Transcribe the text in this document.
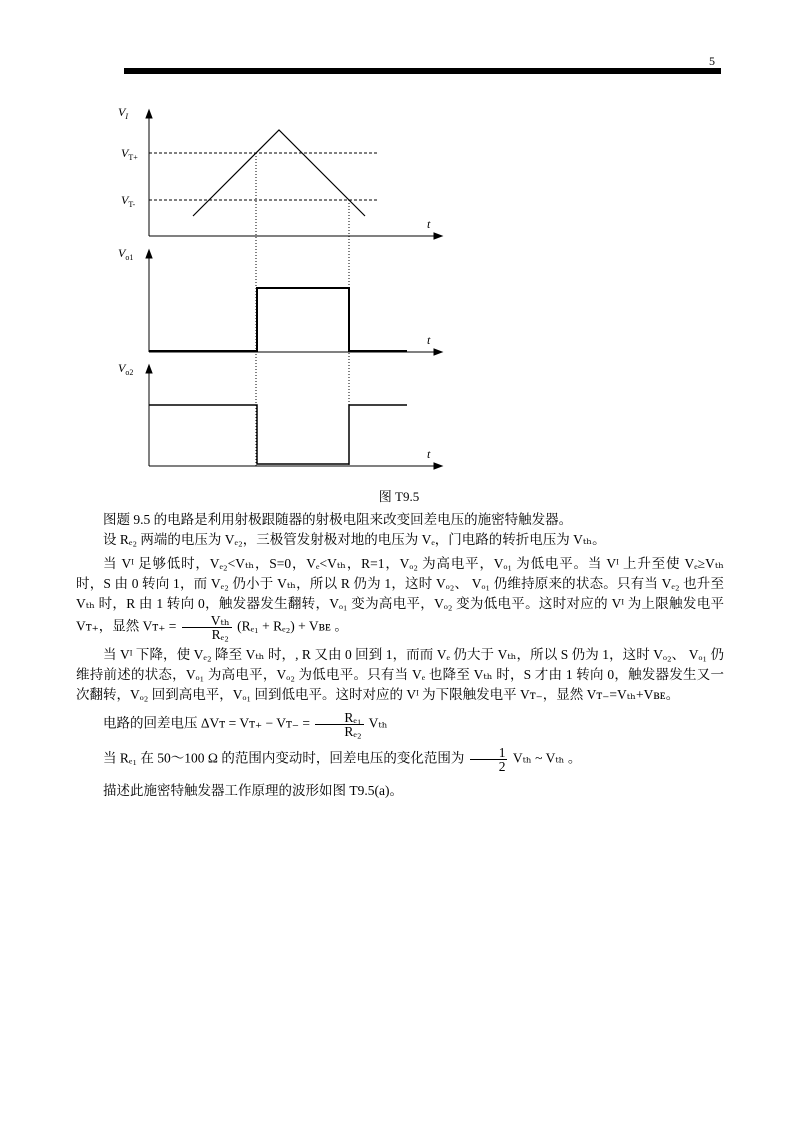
5
$V_I$
$V_{T+}$
$V_{T-}$
t
$V_{o1}$
t
$V_{o2}$
t
图 T9.5

图题 9.5 的电路是利用射极跟随器的射极电阻来改变回差电压的施密特触发器。

设 Rₑ₂ 两端的电压为 Vₑ₂，三极管发射极对地的电压为 Vₑ，门电路的转折电压为 Vₜₕ。

当 Vᴵ 足够低时，Vₑ₂<Vₜₕ，S=0，Vₑ<Vₜₕ，R=1，Vₒ₂ 为高电平，Vₒ₁ 为低电平。当 Vᴵ 上升至使 Vₑ≥Vₜₕ 时，S 由 0 转向 1，而 Vₑ₂ 仍小于 Vₜₕ，所以 R 仍为 1，这时 Vₒ₂、 Vₒ₁ 仍维持原来的状态。只有当 Vₑ₂ 也升至 Vₜₕ 时，R 由 1 转向 0，触发器发生翻转，Vₒ₁ 变为高电平，Vₒ₂ 变为低电平。这时对应的 Vᴵ 为上限触发电平 Vᴛ₊，显然 Vᴛ₊ =	Vₜₕ
Rₑ₂
(Rₑ₁ + Rₑ₂) + Vʙᴇ 。

当 Vᴵ 下降，使 Vₑ₂ 降至 Vₜₕ 时，, R 又由 0 回到 1，而而 Vₑ 仍大于 Vₜₕ，所以 S 仍为 1，这时 Vₒ₂、 Vₒ₁ 仍维持前述的状态，Vₒ₁ 为高电平，Vₒ₂ 为低电平。只有当 Vₑ 也降至 Vₜₕ 时，S 才由 1 转向 0，触发器发生又一次翻转，Vₒ₂ 回到高电平，Vₒ₁ 回到低电平。这时对应的 Vᴵ 为下限触发电平 Vᴛ₋，显然 Vᴛ₋=Vₜₕ+Vʙᴇ。

电路的回差电压 ΔVᴛ = Vᴛ₊ − Vᴛ₋ = $\frac{\text{Rₑ₁}}{\text{Rₑ₂}}$ Vₜₕ

当 Rₑ₁ 在 50～100 Ω 的范围内变动时，回差电压的变化范围为 $\frac{1}{2}$ Vₜₕ ~ Vₜₕ 。

描述此施密特触发器工作原理的波形如图 T9.5(a)。
